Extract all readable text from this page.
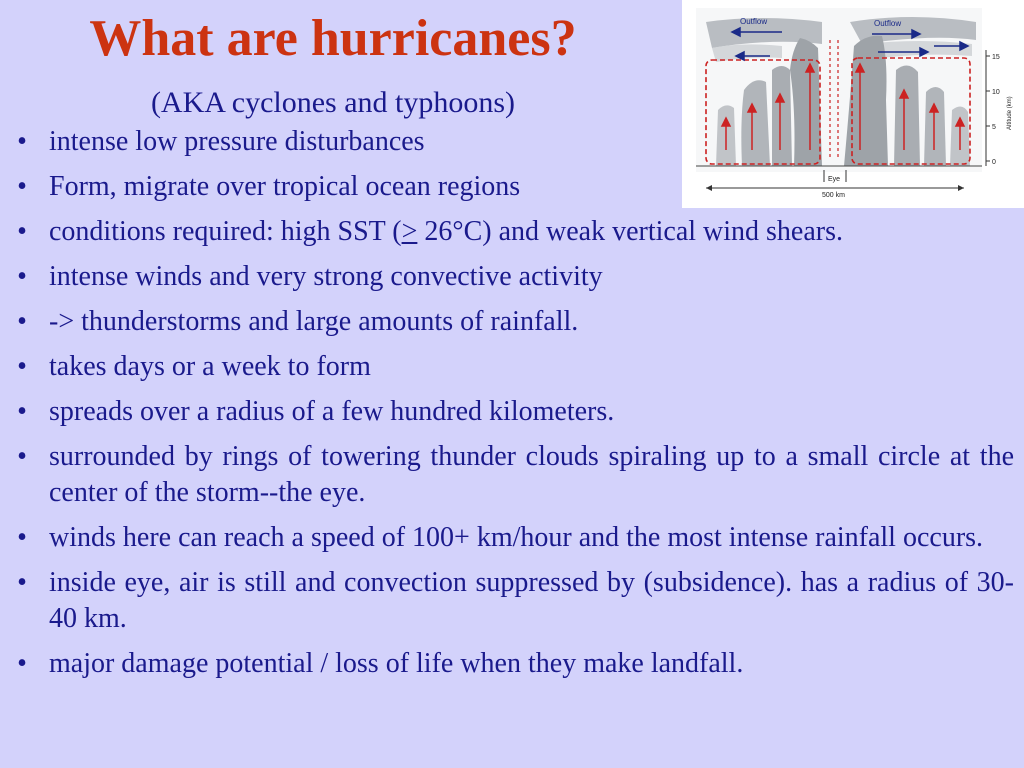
What are hurricanes?
(AKA cyclones and typhoons)
Outflow	Outflow
Eye
500 km
15
10
5
0
Altitude (km)
• intense low pressure disturbances
• Form, migrate over tropical ocean regions
• conditions required: high SST (≥ 26°C) and weak vertical wind shears.
• intense winds and very strong convective activity
• -> thunderstorms and large amounts of rainfall.
• takes days or a week to form
• spreads over a radius of a few hundred kilometers.
• surrounded by rings of towering thunder clouds spiraling up to a small circle at the center of the storm--the eye.
• winds here can reach a speed of 100+ km/hour and the most intense rainfall occurs.
• inside eye, air is still and convection suppressed by (subsidence). has a radius of 30-40 km.
• major damage potential / loss of life when they make landfall.
